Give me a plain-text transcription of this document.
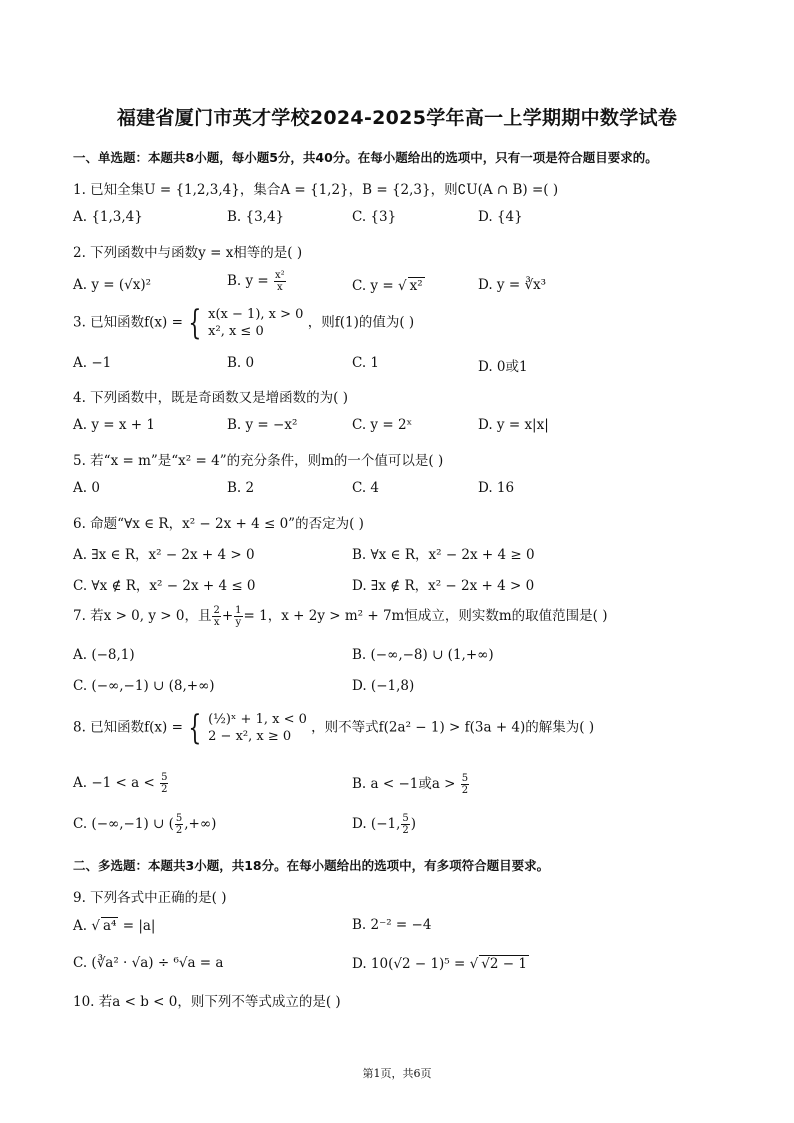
福建省厦门市英才学校2024-2025学年高一上学期期中数学试卷
一、单选题：本题共8小题，每小题5分，共40分。在每小题给出的选项中，只有一项是符合题目要求的。
1. 已知全集U = {1,2,3,4}，集合A = {1,2}，B = {2,3}，则∁U(A ∩ B) =( )
A. {1,3,4}	B. {3,4}	C. {3}	D. {4}
2. 下列函数中与函数y = x相等的是( )
A. y = (√x)²	B. $y = \frac{\text{x²}}{x}$	C. y = √ x²	D. y = ∛x³
3. 已知函数f(x) = { x(x − 1), x > 0
x², x ≤ 0
，则f(1)的值为( )
A. −1	B. 0	C. 1	D. 0或1
4. 下列函数中，既是奇函数又是增函数的为( )
A. y = x + 1	B. y = −x²	C. y = 2ˣ	D. y = x|x|
5. 若“x = m”是“x² = 4”的充分条件，则m的一个值可以是( )
A. 0	B. 2	C. 4	D. 16
6. 命题“∀x ∈ R，x² − 2x + 4 ≤ 0”的否定为( )
A. ∃x ∈ R，x² − 2x + 4 > 0	B. ∀x ∈ R，x² − 2x + 4 ≥ 0
C. ∀x ∉ R，x² − 2x + 4 ≤ 0	D. ∃x ∉ R，x² − 2x + 4 > 0
7. 若x > 0, y > 0，且 $\frac{2}{x} + \frac{1}{y} = 1$，x + 2y > m² + 7m恒成立，则实数m的取值范围是( )
A. (−8,1)	B. (−∞,−8) ∪ (1,+∞)
C. (−∞,−1) ∪ (8,+∞)	D. (−1,8)
8. 已知函数f(x) = { (½)ˣ + 1, x < 0
2 − x², x ≥ 0
，则不等式f(2a² − 1) > f(3a + 4)的解集为( )
A. $-1 < a < \frac{5}{2}$	B. a < −1或$a > \frac{5}{2}$
C. (−∞,−1) ∪ ( $\frac{5}{2}$ ,+∞)	D. (−1, $\frac{5}{2}$ )
二、多选题：本题共3小题，共18分。在每小题给出的选项中，有多项符合题目要求。
9. 下列各式中正确的是( )
A. √ a⁴ = |a|	B. 2⁻² = −4
C. (∛a² · √a) ÷ ⁶√a = a	D. 10(√2 − 1)⁵ = √ √2 − 1
10. 若a < b < 0，则下列不等式成立的是( )
第1页，共6页
